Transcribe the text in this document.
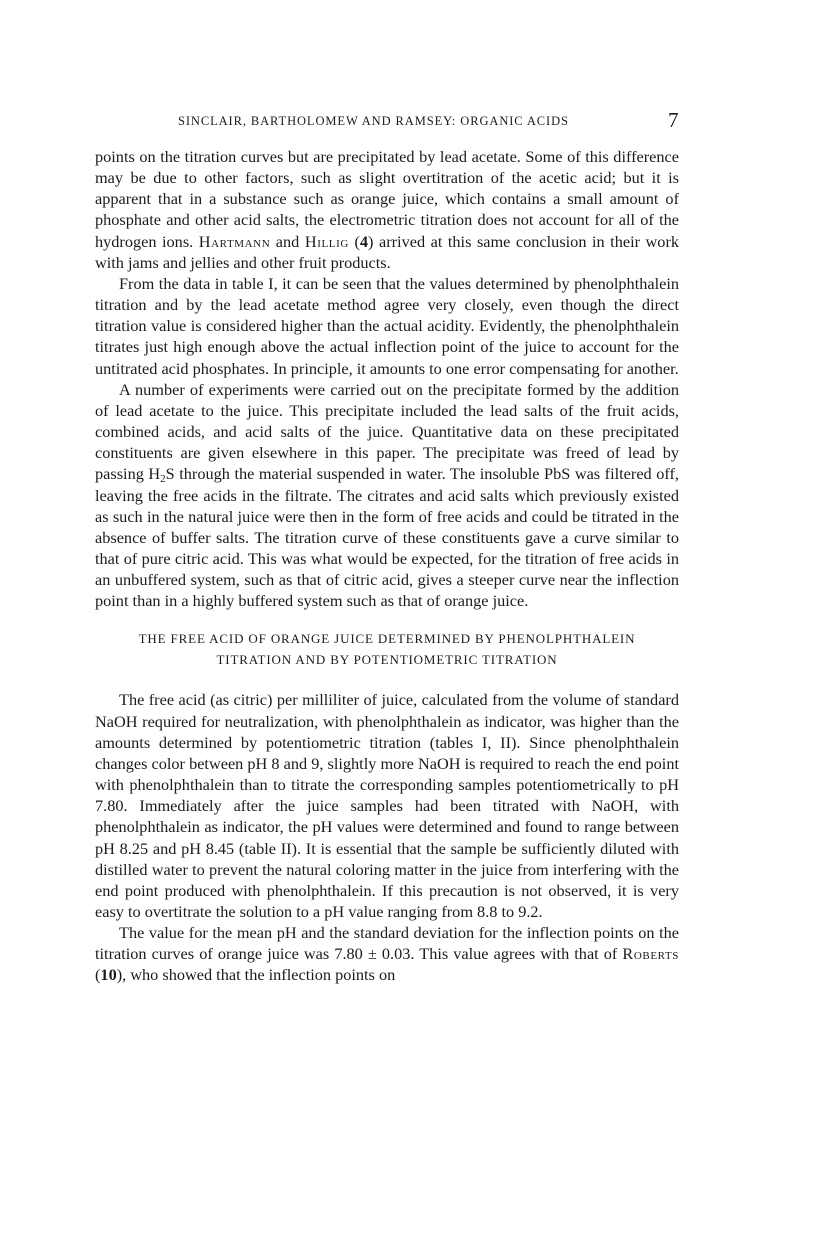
SINCLAIR, BARTHOLOMEW AND RAMSEY: ORGANIC ACIDS	7

points on the titration curves but are precipitated by lead acetate. Some of this difference may be due to other factors, such as slight overtitration of the acetic acid; but it is apparent that in a substance such as orange juice, which contains a small amount of phosphate and other acid salts, the electrometric titration does not account for all of the hydrogen ions. Hartmann and Hillig (4) arrived at this same conclusion in their work with jams and jellies and other fruit products.

From the data in table I, it can be seen that the values determined by phenolphthalein titration and by the lead acetate method agree very closely, even though the direct titration value is considered higher than the actual acidity. Evidently, the phenolphthalein titrates just high enough above the actual inflection point of the juice to account for the untitrated acid phosphates. In principle, it amounts to one error compensating for another.

A number of experiments were carried out on the precipitate formed by the addition of lead acetate to the juice. This precipitate included the lead salts of the fruit acids, combined acids, and acid salts of the juice. Quantitative data on these precipitated constituents are given elsewhere in this paper. The precipitate was freed of lead by passing $H_2S$ through the material suspended in water. The insoluble PbS was filtered off, leaving the free acids in the filtrate. The citrates and acid salts which previously existed as such in the natural juice were then in the form of free acids and could be titrated in the absence of buffer salts. The titration curve of these constituents gave a curve similar to that of pure citric acid. This was what would be expected, for the titration of free acids in an unbuffered system, such as that of citric acid, gives a steeper curve near the inflection point than in a highly buffered system such as that of orange juice.

THE FREE ACID OF ORANGE JUICE DETERMINED BY PHENOLPHTHALEIN
TITRATION AND BY POTENTIOMETRIC TITRATION

The free acid (as citric) per milliliter of juice, calculated from the volume of standard NaOH required for neutralization, with phenolphthalein as indicator, was higher than the amounts determined by potentiometric titration (tables I, II). Since phenolphthalein changes color between pH 8 and 9, slightly more NaOH is required to reach the end point with phenolphthalein than to titrate the corresponding samples potentiometrically to pH 7.80. Immediately after the juice samples had been titrated with NaOH, with phenolphthalein as indicator, the pH values were determined and found to range between pH 8.25 and pH 8.45 (table II). It is essential that the sample be sufficiently diluted with distilled water to prevent the natural coloring matter in the juice from interfering with the end point produced with phenolphthalein. If this precaution is not observed, it is very easy to overtitrate the solution to a pH value ranging from 8.8 to 9.2.

The value for the mean pH and the standard deviation for the inflection points on the titration curves of orange juice was 7.80 ± 0.03. This value agrees with that of Roberts (10), who showed that the inflection points on
